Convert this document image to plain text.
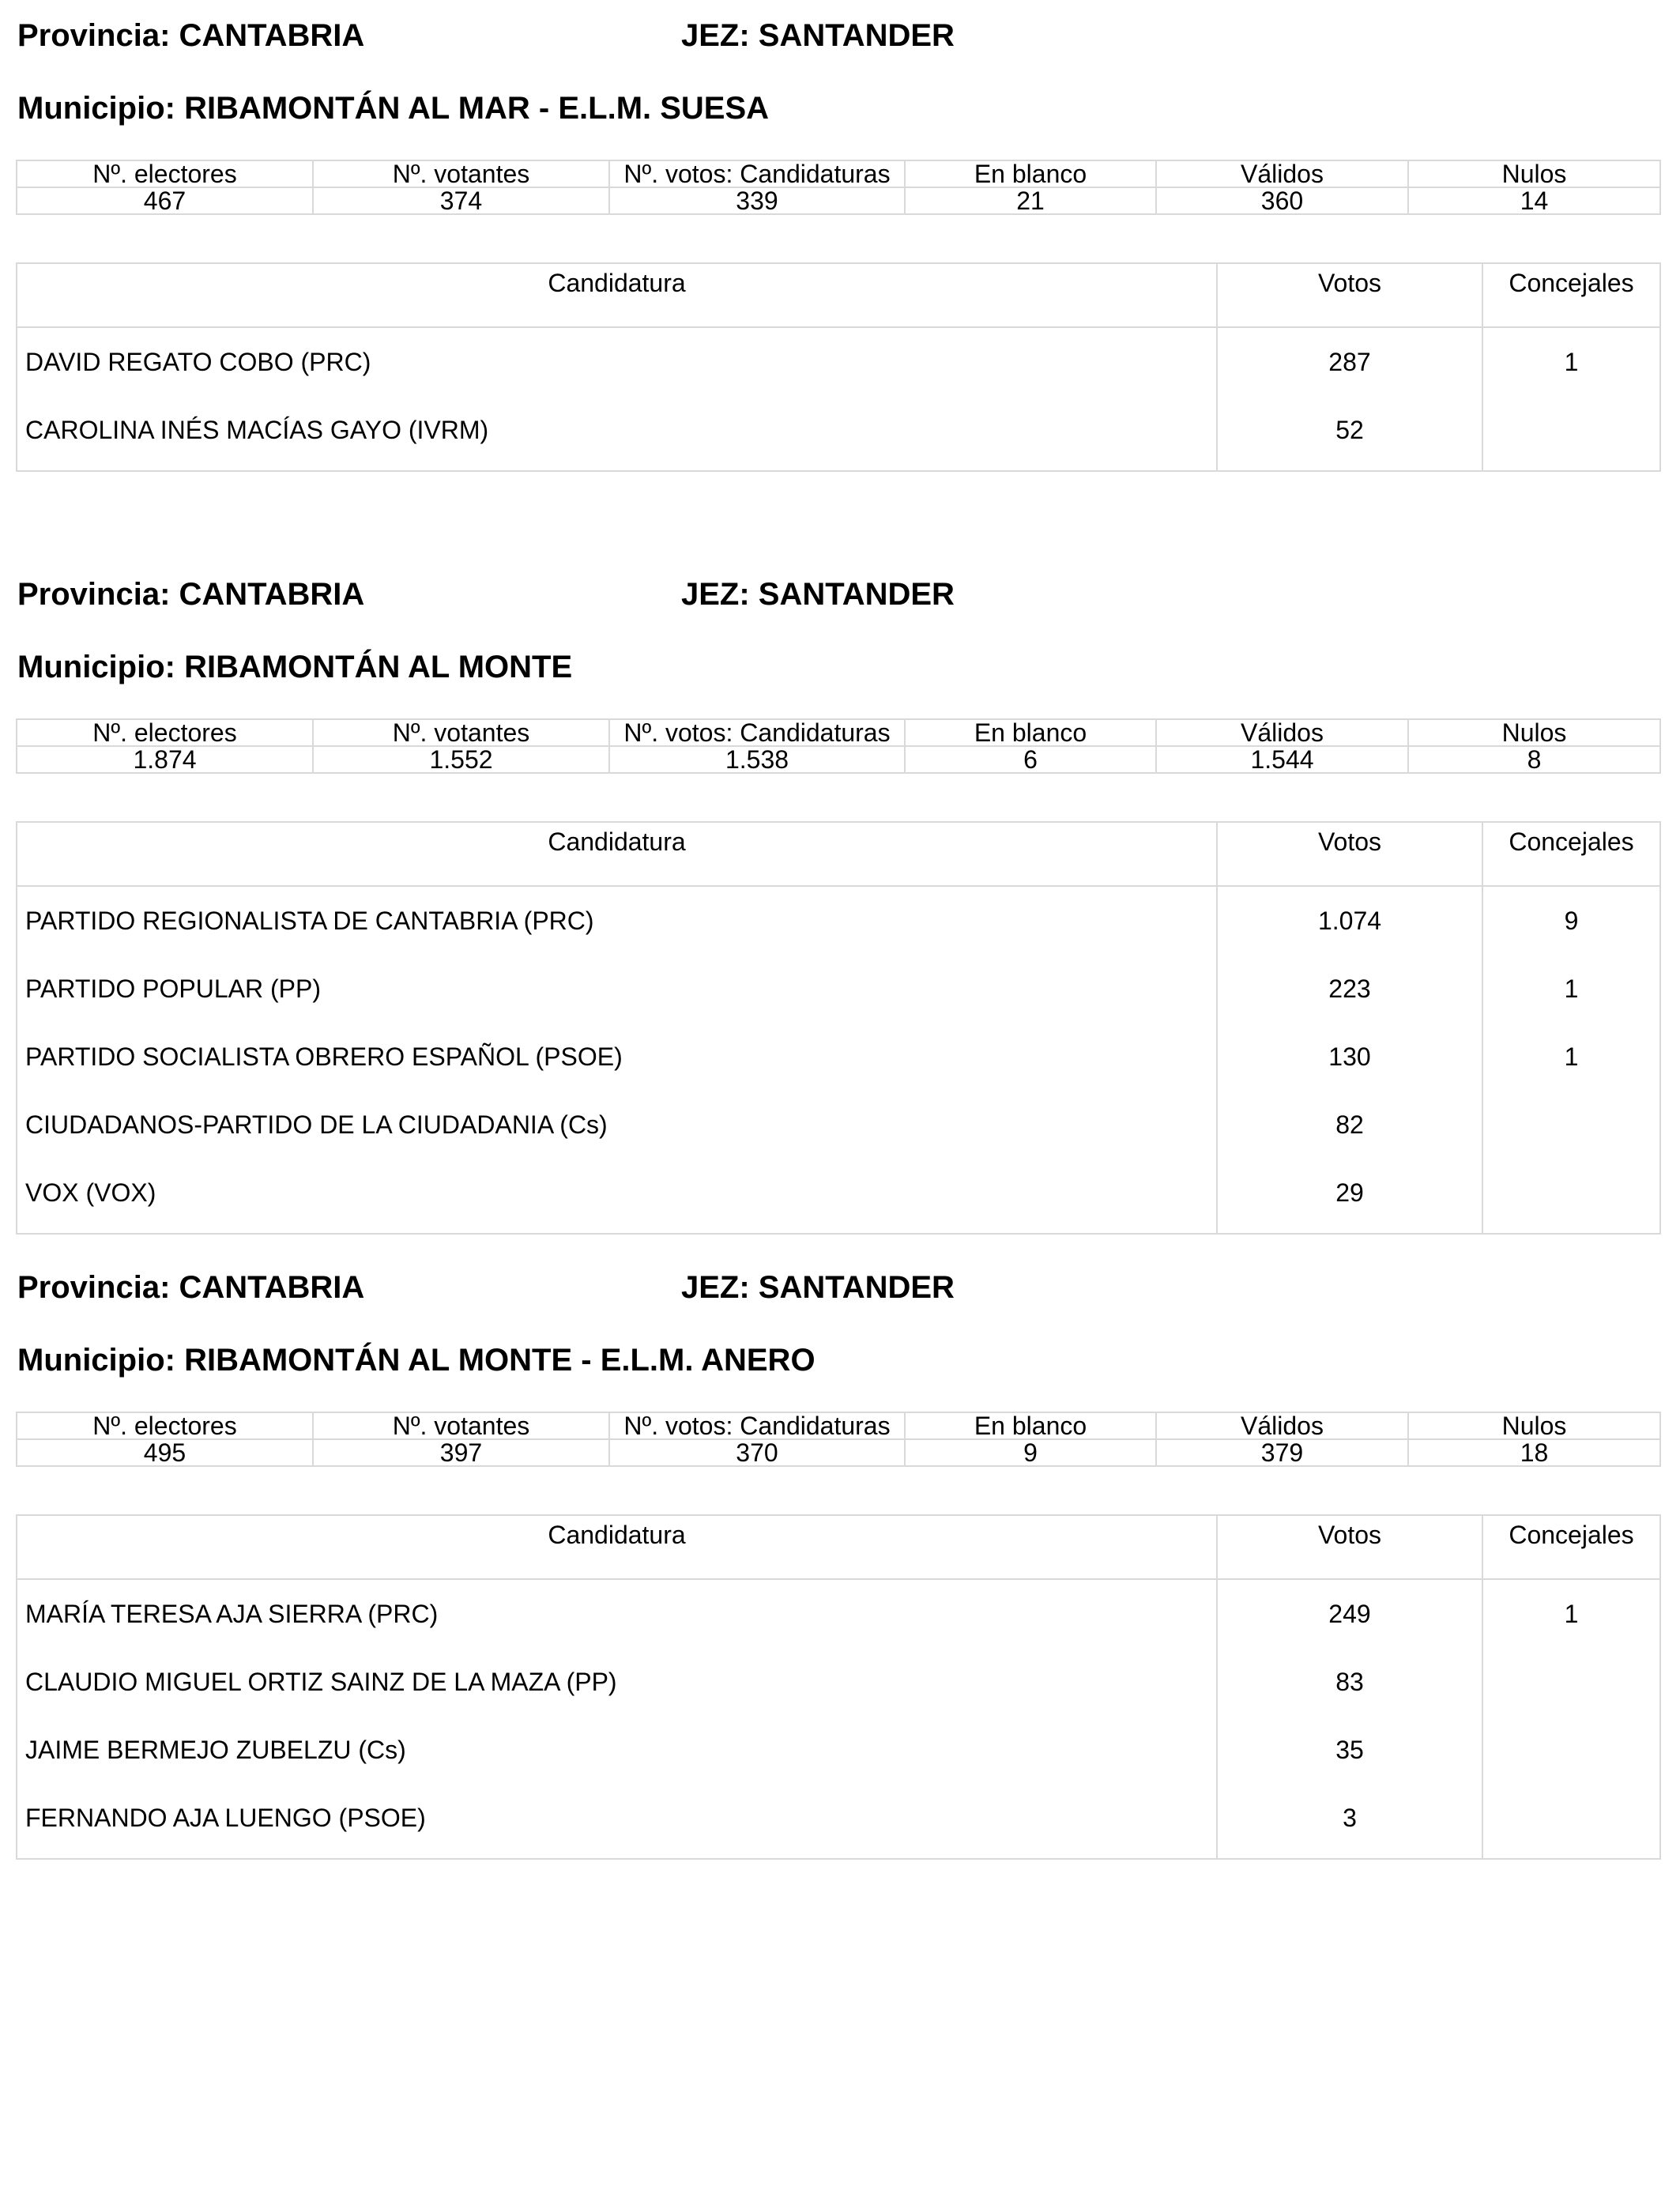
Provincia: CANTABRIA	JEZ: SANTANDER
Municipio: RIBAMONTÁN AL MAR - E.L.M. SUESA
Nº. electores	Nº. votantes	Nº. votos: Candidaturas	En blanco	Válidos	Nulos
467	374	339	21	360	14
Candidatura	Votos	Concejales
DAVID REGATO COBO (PRC)	287	1
CAROLINA INÉS MACÍAS GAYO (IVRM)	52	

Provincia: CANTABRIA	JEZ: SANTANDER
Municipio: RIBAMONTÁN AL MONTE
Nº. electores	Nº. votantes	Nº. votos: Candidaturas	En blanco	Válidos	Nulos
1.874	1.552	1.538	6	1.544	8
Candidatura	Votos	Concejales
PARTIDO REGIONALISTA DE CANTABRIA (PRC)	1.074	9
PARTIDO POPULAR (PP)	223	1
PARTIDO SOCIALISTA OBRERO ESPAÑOL (PSOE)	130	1
CIUDADANOS-PARTIDO DE LA CIUDADANIA (Cs)	82	
VOX (VOX)	29	

Provincia: CANTABRIA	JEZ: SANTANDER
Municipio: RIBAMONTÁN AL MONTE - E.L.M. ANERO
Nº. electores	Nº. votantes	Nº. votos: Candidaturas	En blanco	Válidos	Nulos
495	397	370	9	379	18
Candidatura	Votos	Concejales
MARÍA TERESA AJA SIERRA (PRC)	249	1
CLAUDIO MIGUEL ORTIZ SAINZ DE LA MAZA (PP)	83	
JAIME BERMEJO ZUBELZU (Cs)	35	
FERNANDO AJA LUENGO (PSOE)	3	
